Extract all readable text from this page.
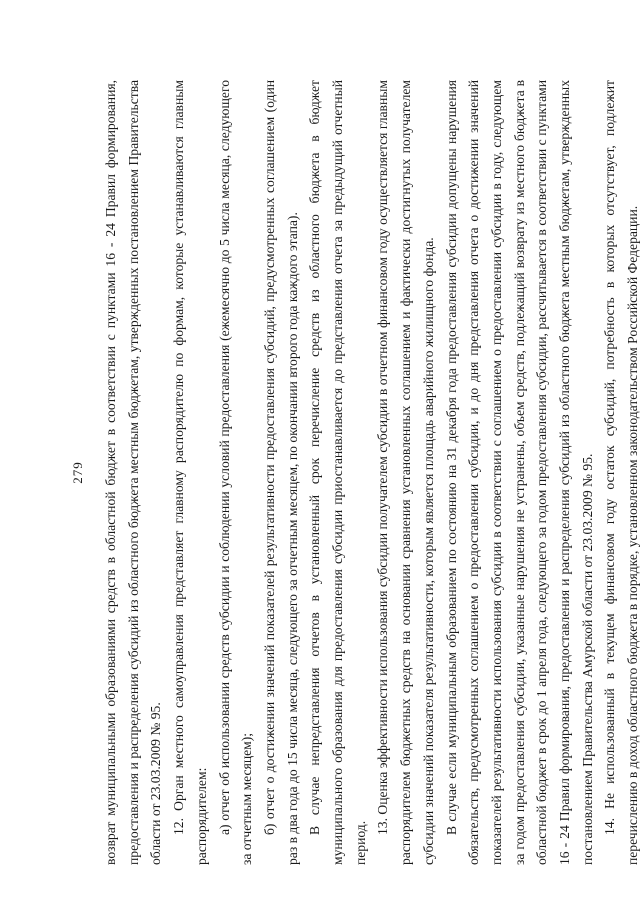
279 возврат муниципальными образованиями средств в областной бюджет в соответствии с пунктами 16 - 24 Правил формирования, предоставления и распределения субсидий из областного бюджета местным бюджетам, утвержденных постановлением Правительства области от 23.03.2009 № 95. 12. Орган местного самоуправления представляет главному распорядителю по формам, которые устанавливаются главным распорядителем: а) отчет об использовании средств субсидии и соблюдении условий предоставления (ежемесячно до 5 числа месяца, следующего за отчетным месяцем); б) отчет о достижении значений показателей результативности предоставления субсидий, предусмотренных соглашением (один раз в два года до 15 числа месяца, следующего за отчетным месяцем, по окончании второго года каждого этапа). В случае непредставления отчетов в установленный срок перечисление средств из областного бюджета в бюджет муниципального образования для предоставления субсидии приостанавливается до представления отчета за предыдущий отчетный период.

13. Оценка эффективности использования субсидии получателем субсидии в отчетном финансовом году осуществляется главным распорядителем бюджетных средств на основании сравнения установленных соглашением и фактически достигнутых получателем субсидии значений показателя результативности, которым является площадь аварийного жилищного фонда. В случае если муниципальным образованием по состоянию на 31 декабря года предоставления субсидии допущены нарушения обязательств, предусмотренных соглашением о предоставлении субсидии, и до дня представления отчета о достижении значений показателей результативности использования субсидии в соответствии с соглашением о предоставлении субсидии в году, следующем за годом предоставления субсидии, указанные нарушения не устранены, объем средств, подлежащий возврату из местного бюджета в областной бюджет в срок до 1 апреля года, следующего за годом предоставления субсидии, рассчитывается в соответствии с пунктами 16 - 24 Правил формирования, предоставления и распределения субсидий из областного бюджета местным бюджетам, утвержденных постановлением Правительства Амурской области от 23.03.2009 № 95. 14. Не использованный в текущем финансовом году остаток субсидий, потребность в которых отсутствует, подлежит перечислению в доход областного бюджета в порядке, установленном законодательством Российской Федерации.
